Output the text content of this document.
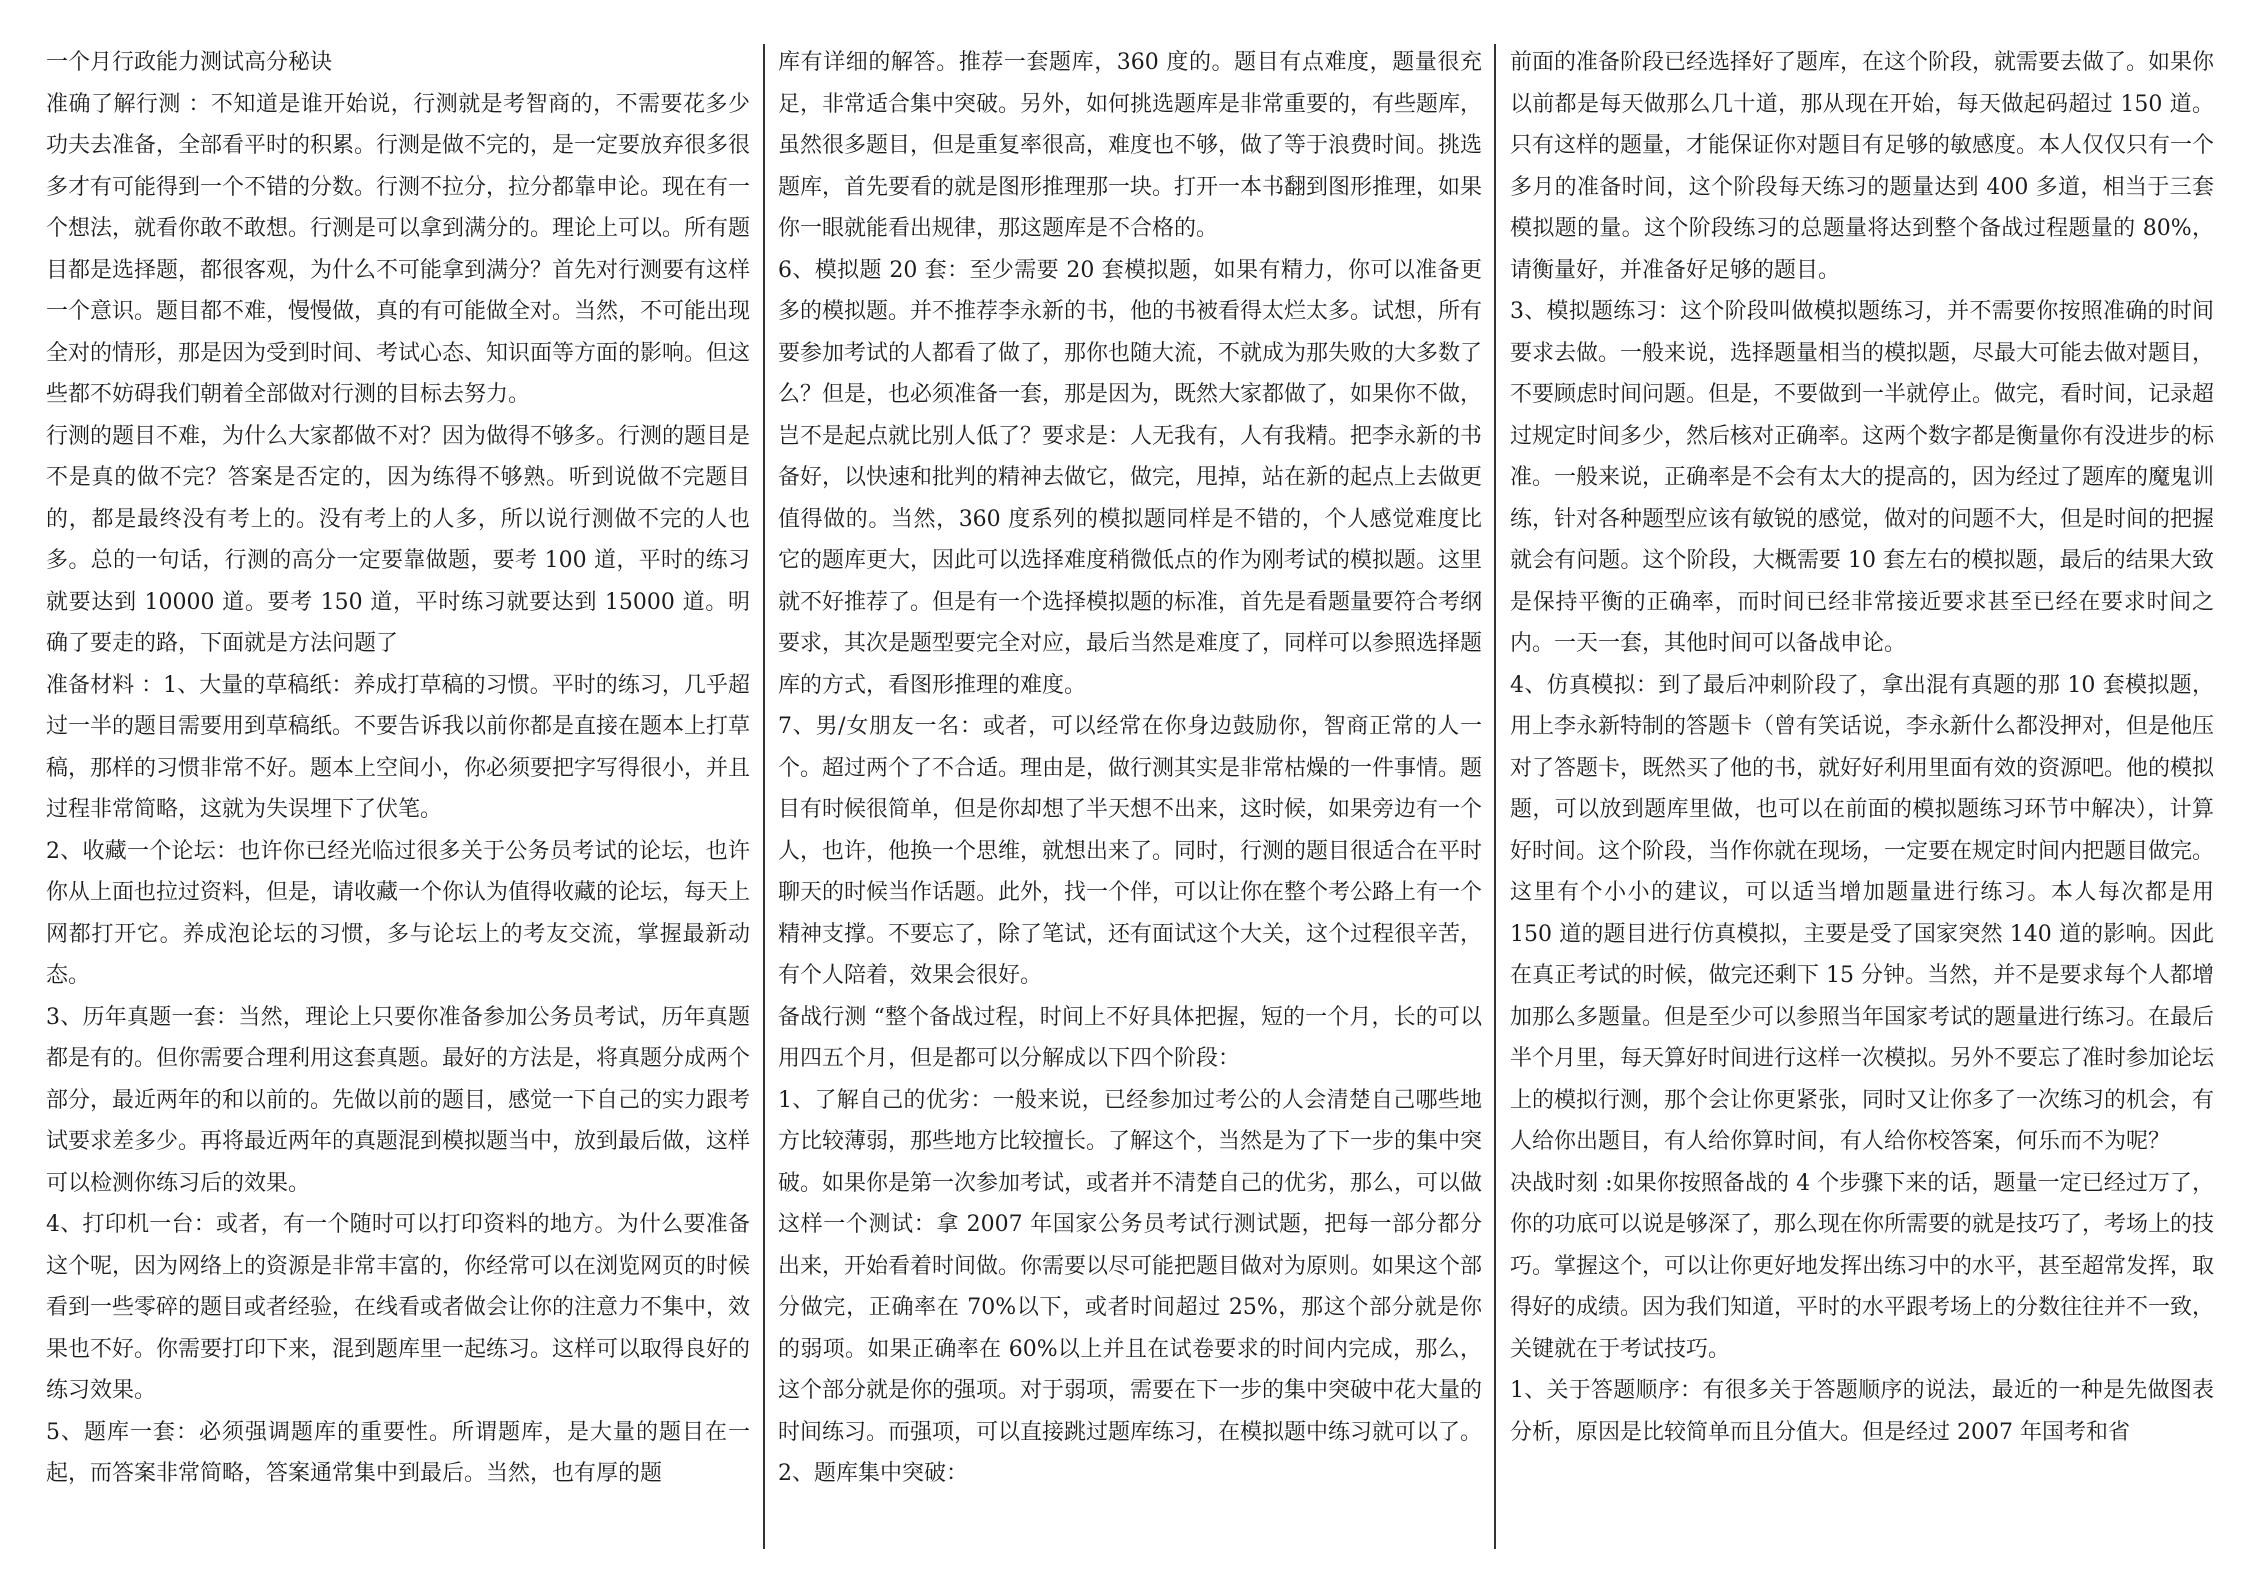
一个月行政能力测试高分秘诀

准确了解行测 ：不知道是谁开始说，行测就是考智商的，不需要花多少功夫去准备，全部看平时的积累。行测是做不完的，是一定要放弃很多很多才有可能得到一个不错的分数。行测不拉分，拉分都靠申论。现在有一个想法，就看你敢不敢想。行测是可以拿到满分的。理论上可以。所有题目都是选择题，都很客观，为什么不可能拿到满分？首先对行测要有这样一个意识。题目都不难，慢慢做，真的有可能做全对。当然，不可能出现全对的情形，那是因为受到时间、考试心态、知识面等方面的影响。但这些都不妨碍我们朝着全部做对行测的目标去努力。

行测的题目不难，为什么大家都做不对？因为做得不够多。行测的题目是不是真的做不完？答案是否定的，因为练得不够熟。听到说做不完题目的，都是最终没有考上的。没有考上的人多，所以说行测做不完的人也多。总的一句话，行测的高分一定要靠做题，要考 100 道，平时的练习就要达到 10000 道。要考 150 道，平时练习就要达到 15000 道。明确了要走的路，下面就是方法问题了

准备材料 ：1、大量的草稿纸：养成打草稿的习惯。平时的练习，几乎超过一半的题目需要用到草稿纸。不要告诉我以前你都是直接在题本上打草稿，那样的习惯非常不好。题本上空间小，你必须要把字写得很小，并且过程非常简略，这就为失误埋下了伏笔。

2、收藏一个论坛：也许你已经光临过很多关于公务员考试的论坛，也许你从上面也拉过资料，但是，请收藏一个你认为值得收藏的论坛，每天上网都打开它。养成泡论坛的习惯，多与论坛上的考友交流，掌握最新动态。

3、历年真题一套：当然，理论上只要你准备参加公务员考试，历年真题都是有的。但你需要合理利用这套真题。最好的方法是，将真题分成两个部分，最近两年的和以前的。先做以前的题目，感觉一下自己的实力跟考试要求差多少。再将最近两年的真题混到模拟题当中，放到最后做，这样可以检测你练习后的效果。

4、打印机一台：或者，有一个随时可以打印资料的地方。为什么要准备这个呢，因为网络上的资源是非常丰富的，你经常可以在浏览网页的时候看到一些零碎的题目或者经验，在线看或者做会让你的注意力不集中，效果也不好。你需要打印下来，混到题库里一起练习。这样可以取得良好的练习效果。

5、题库一套：必须强调题库的重要性。所谓题库，是大量的题目在一起，而答案非常简略，答案通常集中到最后。当然，也有厚的题

库有详细的解答。推荐一套题库，360 度的。题目有点难度，题量很充足，非常适合集中突破。另外，如何挑选题库是非常重要的，有些题库，虽然很多题目，但是重复率很高，难度也不够，做了等于浪费时间。挑选题库，首先要看的就是图形推理那一块。打开一本书翻到图形推理，如果你一眼就能看出规律，那这题库是不合格的。

6、模拟题 20 套：至少需要 20 套模拟题，如果有精力，你可以准备更多的模拟题。并不推荐李永新的书，他的书被看得太烂太多。试想，所有要参加考试的人都看了做了，那你也随大流，不就成为那失败的大多数了么？但是，也必须准备一套，那是因为，既然大家都做了，如果你不做，岂不是起点就比别人低了？要求是：人无我有，人有我精。把李永新的书备好，以快速和批判的精神去做它，做完，甩掉，站在新的起点上去做更值得做的。当然，360 度系列的模拟题同样是不错的，个人感觉难度比它的题库更大，因此可以选择难度稍微低点的作为刚考试的模拟题。这里就不好推荐了。但是有一个选择模拟题的标准，首先是看题量要符合考纲要求，其次是题型要完全对应，最后当然是难度了，同样可以参照选择题库的方式，看图形推理的难度。

7、男/女朋友一名：或者，可以经常在你身边鼓励你，智商正常的人一个。超过两个了不合适。理由是，做行测其实是非常枯燥的一件事情。题目有时候很简单，但是你却想了半天想不出来，这时候，如果旁边有一个人，也许，他换一个思维，就想出来了。同时，行测的题目很适合在平时聊天的时候当作话题。此外，找一个伴，可以让你在整个考公路上有一个精神支撑。不要忘了，除了笔试，还有面试这个大关，这个过程很辛苦，有个人陪着，效果会很好。

备战行测 “整个备战过程，时间上不好具体把握，短的一个月，长的可以用四五个月，但是都可以分解成以下四个阶段：

1、了解自己的优劣：一般来说，已经参加过考公的人会清楚自己哪些地方比较薄弱，那些地方比较擅长。了解这个，当然是为了下一步的集中突破。如果你是第一次参加考试，或者并不清楚自己的优劣，那么，可以做这样一个测试：拿 2007 年国家公务员考试行测试题，把每一部分都分出来，开始看着时间做。你需要以尽可能把题目做对为原则。如果这个部分做完，正确率在 70%以下，或者时间超过 25%，那这个部分就是你的弱项。如果正确率在 60%以上并且在试卷要求的时间内完成，那么，这个部分就是你的强项。对于弱项，需要在下一步的集中突破中花大量的时间练习。而强项，可以直接跳过题库练习，在模拟题中练习就可以了。2、题库集中突破：

前面的准备阶段已经选择好了题库，在这个阶段，就需要去做了。如果你以前都是每天做那么几十道，那从现在开始，每天做起码超过 150 道。只有这样的题量，才能保证你对题目有足够的敏感度。本人仅仅只有一个多月的准备时间，这个阶段每天练习的题量达到 400 多道，相当于三套模拟题的量。这个阶段练习的总题量将达到整个备战过程题量的 80%，请衡量好，并准备好足够的题目。

3、模拟题练习：这个阶段叫做模拟题练习，并不需要你按照准确的时间要求去做。一般来说，选择题量相当的模拟题，尽最大可能去做对题目，不要顾虑时间问题。但是，不要做到一半就停止。做完，看时间，记录超过规定时间多少，然后核对正确率。这两个数字都是衡量你有没进步的标准。一般来说，正确率是不会有太大的提高的，因为经过了题库的魔鬼训练，针对各种题型应该有敏锐的感觉，做对的问题不大，但是时间的把握就会有问题。这个阶段，大概需要 10 套左右的模拟题，最后的结果大致是保持平衡的正确率，而时间已经非常接近要求甚至已经在要求时间之内。一天一套，其他时间可以备战申论。

4、仿真模拟：到了最后冲刺阶段了，拿出混有真题的那 10 套模拟题，用上李永新特制的答题卡（曾有笑话说，李永新什么都没押对，但是他压对了答题卡，既然买了他的书，就好好利用里面有效的资源吧。他的模拟题，可以放到题库里做，也可以在前面的模拟题练习环节中解决），计算好时间。这个阶段，当作你就在现场，一定要在规定时间内把题目做完。这里有个小小的建议，可以适当增加题量进行练习。本人每次都是用 150 道的题目进行仿真模拟，主要是受了国家突然 140 道的影响。因此在真正考试的时候，做完还剩下 15 分钟。当然，并不是要求每个人都增加那么多题量。但是至少可以参照当年国家考试的题量进行练习。在最后半个月里，每天算好时间进行这样一次模拟。另外不要忘了准时参加论坛上的模拟行测，那个会让你更紧张，同时又让你多了一次练习的机会，有人给你出题目，有人给你算时间，有人给你校答案，何乐而不为呢？

决战时刻 :如果你按照备战的 4 个步骤下来的话，题量一定已经过万了，你的功底可以说是够深了，那么现在你所需要的就是技巧了，考场上的技巧。掌握这个，可以让你更好地发挥出练习中的水平，甚至超常发挥，取得好的成绩。因为我们知道，平时的水平跟考场上的分数往往并不一致，关键就在于考试技巧。

1、关于答题顺序：有很多关于答题顺序的说法，最近的一种是先做图表分析，原因是比较简单而且分值大。但是经过 2007 年国考和省
